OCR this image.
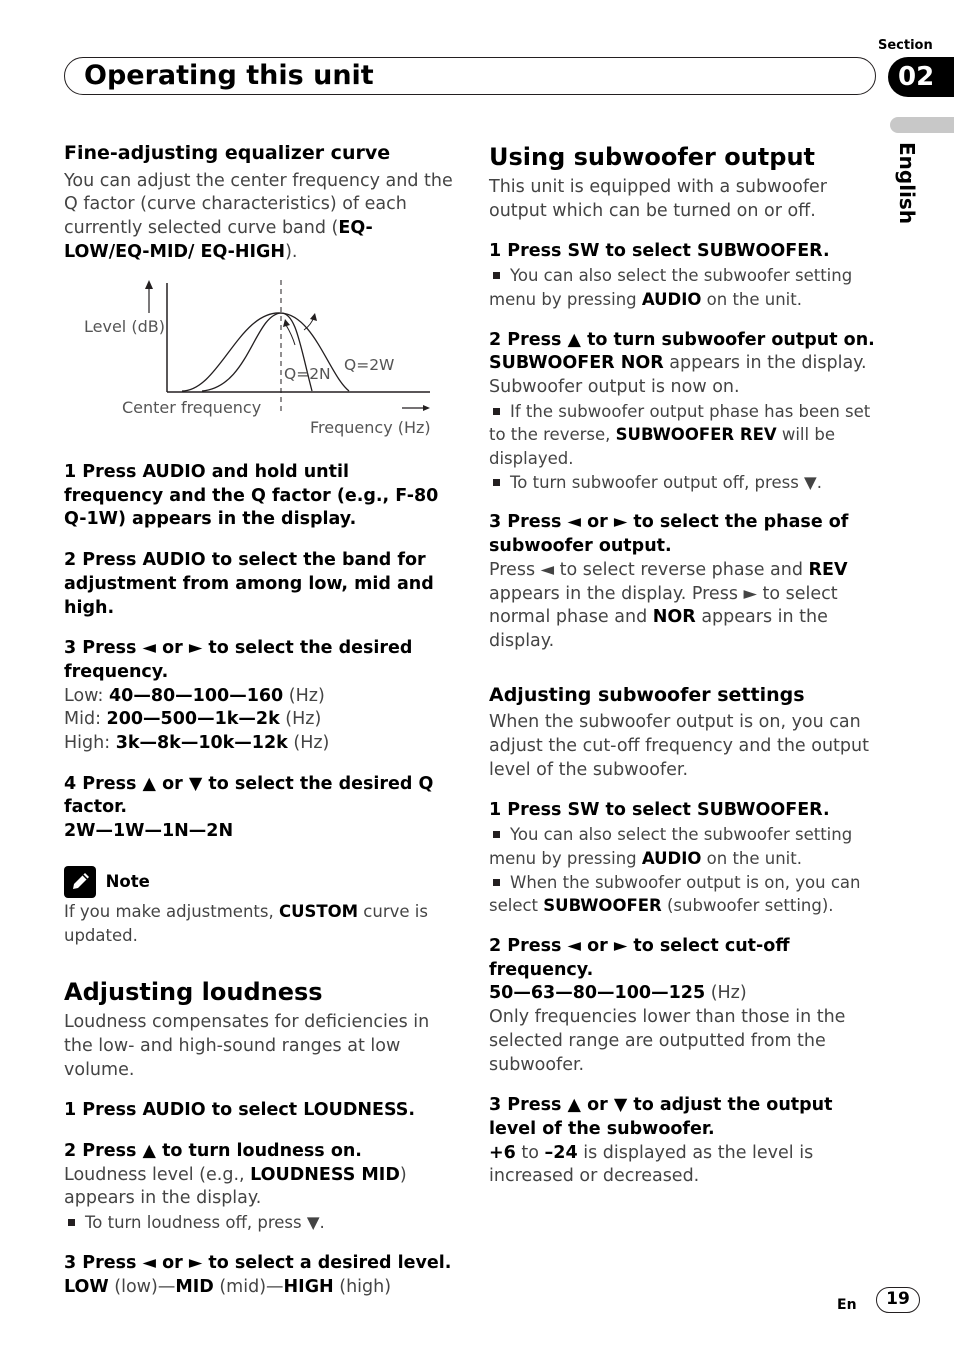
Section
02
Operating this unit
English

Fine-adjusting equalizer curve

You can adjust the center frequency and the Q factor (curve characteristics) of each currently selected curve band (EQ-LOW/EQ-MID/ EQ-HIGH).

Level (dB)
Center frequency
Frequency (Hz)
Q=2N Q=2W

1 Press AUDIO and hold until frequency and the Q factor (e.g., F-80 Q-1W) appears in the display.

2 Press AUDIO to select the band for adjustment from among low, mid and high.

3 Press ◄ or ► to select the desired frequency.

Low: 40—80—100—160 (Hz)

Mid: 200—500—1k—2k (Hz)

High: 3k—8k—10k—12k (Hz)

4 Press ▲ or ▼ to select the desired Q factor.

2W—1W—1N—2N

Note

If you make adjustments, CUSTOM curve is updated.

Adjusting loudness

Loudness compensates for deficiencies in the low- and high-sound ranges at low volume.

1 Press AUDIO to select LOUDNESS.

2 Press ▲ to turn loudness on.

Loudness level (e.g., LOUDNESS MID) appears in the display.

To turn loudness off, press ▼.

3 Press ◄ or ► to select a desired level.

LOW (low)—MID (mid)—HIGH (high)

Using subwoofer output

This unit is equipped with a subwoofer output which can be turned on or off.

1 Press SW to select SUBWOOFER.

You can also select the subwoofer setting menu by pressing AUDIO on the unit.

2 Press ▲ to turn subwoofer output on.

SUBWOOFER NOR appears in the display. Subwoofer output is now on.

If the subwoofer output phase has been set to the reverse, SUBWOOFER REV will be displayed.

To turn subwoofer output off, press ▼.

3 Press ◄ or ► to select the phase of subwoofer output.

Press ◄ to select reverse phase and REV appears in the display. Press ► to select normal phase and NOR appears in the display.

Adjusting subwoofer settings

When the subwoofer output is on, you can adjust the cut-off frequency and the output level of the subwoofer.

1 Press SW to select SUBWOOFER.

You can also select the subwoofer setting menu by pressing AUDIO on the unit.

When the subwoofer output is on, you can select SUBWOOFER (subwoofer setting).

2 Press ◄ or ► to select cut-off frequency.

50—63—80—100—125 (Hz)

Only frequencies lower than those in the selected range are outputted from the subwoofer.

3 Press ▲ or ▼ to adjust the output level of the subwoofer.

+6 to –24 is displayed as the level is increased or decreased.

En	19
